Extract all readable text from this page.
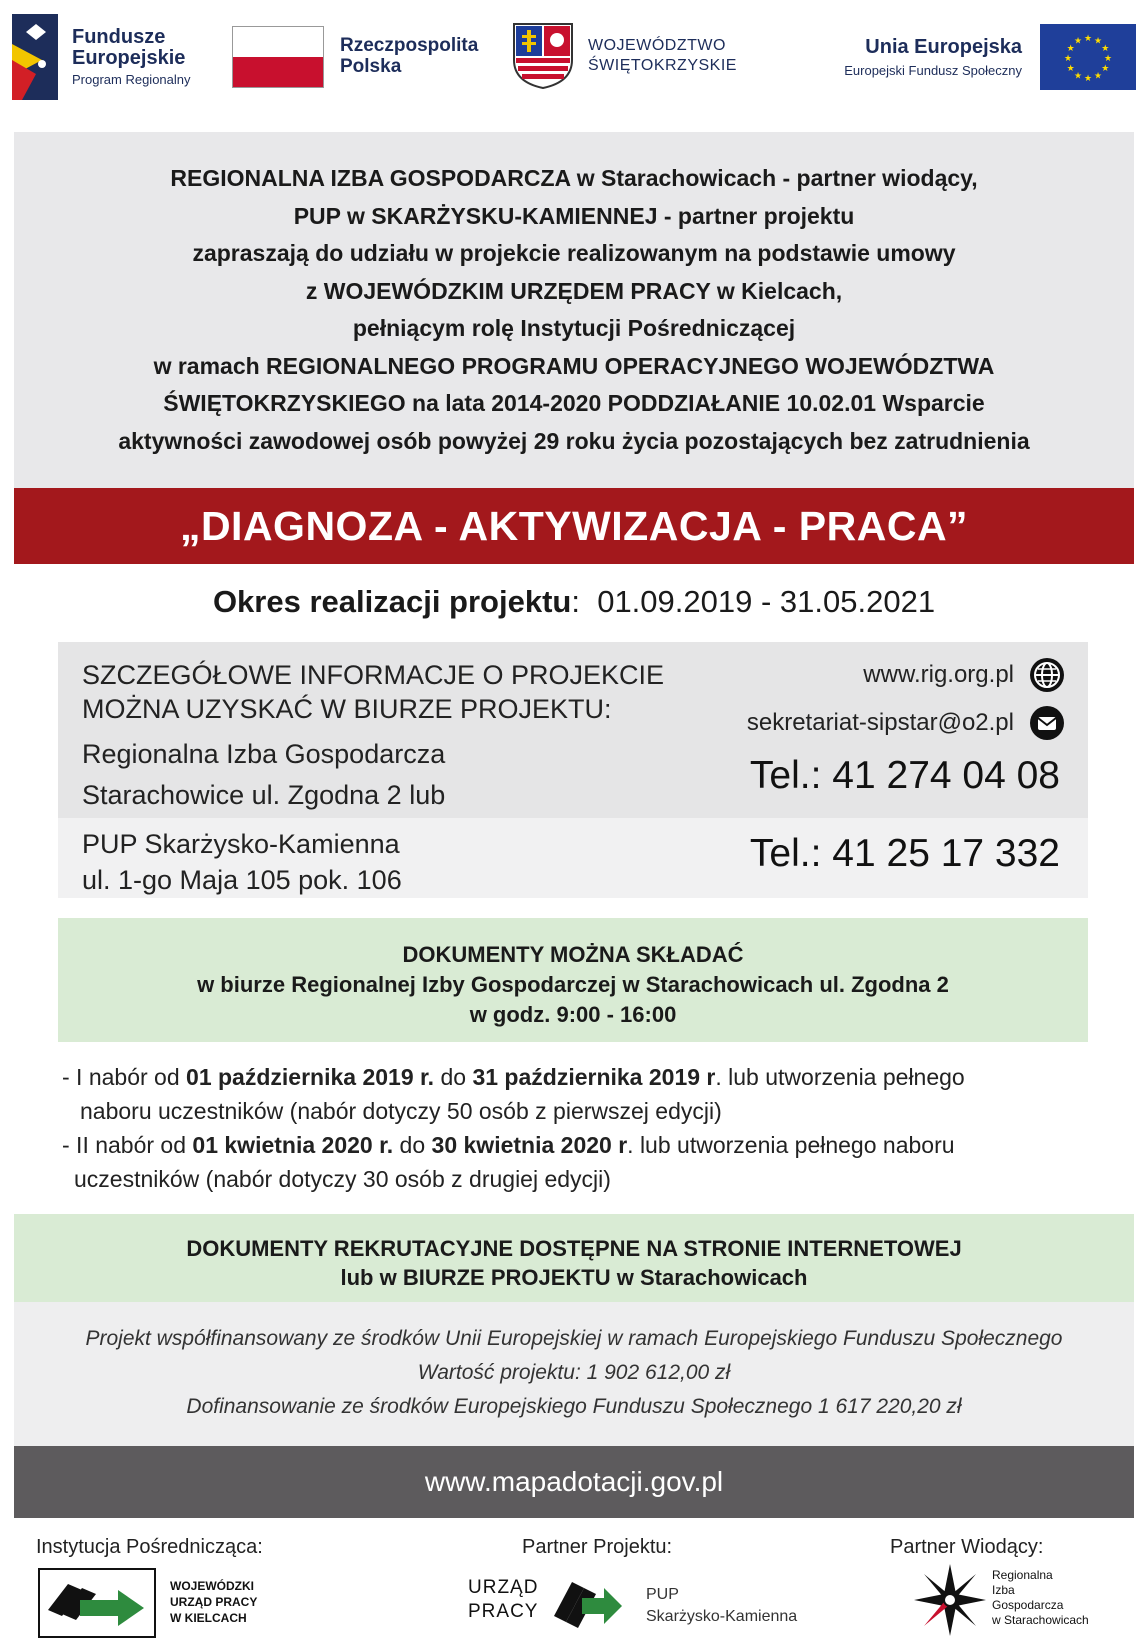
Fundusze
Europejskie
Program Regionalny
Rzeczpospolita
Polska
WOJEWÓDZTWO
ŚWIĘTOKRZYSKIE
Unia Europejska
Europejski Fundusz Społeczny
★
★
★
★
★
★
★
★
★ ★ ★
★

REGIONALNA IZBA GOSPODARCZA w Starachowicach - partner wiodący,

PUP w SKARŻYSKU-KAMIENNEJ - partner projektu

zapraszają do udziału w projekcie realizowanym na podstawie umowy

z WOJEWÓDZKIM URZĘDEM PRACY w Kielcach,

pełniącym rolę Instytucji Pośredniczącej

w ramach REGIONALNEGO PROGRAMU OPERACYJNEGO WOJEWÓDZTWA

ŚWIĘTOKRZYSKIEGO na lata 2014-2020 PODDZIAŁANIE 10.02.01 Wsparcie

aktywności zawodowej osób powyżej 29 roku życia pozostających bez zatrudnienia

„DIAGNOZA - AKTYWIZACJA - PRACA”
Okres realizacji projektu: 01.09.2019 - 31.05.2021
SZCZEGÓŁOWE INFORMACJE O PROJEKCIE
MOŻNA UZYSKAĆ W BIURZE PROJEKTU:
Regionalna Izba Gospodarcza
Starachowice ul. Zgodna 2 lub
www.rig.org.pl
sekretariat-sipstar@o2.pl
Tel.: 41 274 04 08
PUP Skarżysko-Kamienna
ul. 1-go Maja 105 pok. 106
Tel.: 41 25 17 332

DOKUMENTY MOŻNA SKŁADAĆ

w biurze Regionalnej Izby Gospodarczej w Starachowicach ul. Zgodna 2

w godz. 9:00 - 16:00

- I nabór od 01 października 2019 r. do 31 października 2019 r. lub utworzenia pełnego
naboru uczestników (nabór dotyczy 50 osób z pierwszej edycji)
- II nabór od 01 kwietnia 2020 r. do 30 kwietnia 2020 r. lub utworzenia pełnego naboru
uczestników (nabór dotyczy 30 osób z drugiej edycji)

DOKUMENTY REKRUTACYJNE DOSTĘPNE NA STRONIE INTERNETOWEJ

lub w BIURZE PROJEKTU w Starachowicach

Projekt współfinansowany ze środków Unii Europejskiej w ramach Europejskiego Funduszu Społecznego

Wartość projektu: 1 902 612,00 zł

Dofinansowanie ze środków Europejskiego Funduszu Społecznego 1 617 220,20 zł

www.mapadotacji.gov.pl
Instytucja Pośrednicząca:	Partner Projektu:	Partner Wiodący:
WOJEWÓDZKI
URZĄD PRACY
W KIELCACH
URZĄD
PRACY
PUP
Skarżysko-Kamienna
Regionalna
Izba
Gospodarcza
w Starachowicach
